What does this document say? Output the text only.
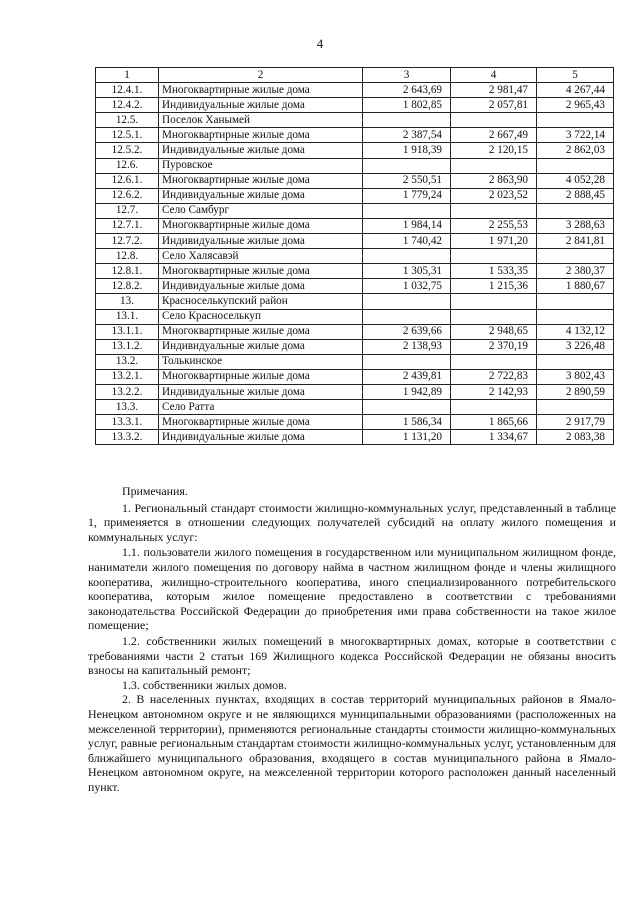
4
1	2	3	4	5
12.4.1.	Многоквартирные жилые дома	2 643,69	2 981,47	4 267,44
12.4.2.	Индивидуальные жилые дома	1 802,85	2 057,81	2 965,43
12.5.	Поселок Ханымей			
12.5.1.	Многоквартирные жилые дома	2 387,54	2 667,49	3 722,14
12.5.2.	Индивидуальные жилые дома	1 918,39	2 120,15	2 862,03
12.6.	Пуровское			
12.6.1.	Многоквартирные жилые дома	2 550,51	2 863,90	4 052,28
12.6.2.	Индивидуальные жилые дома	1 779,24	2 023,52	2 888,45
12.7.	Село Самбург			
12.7.1.	Многоквартирные жилые дома	1 984,14	2 255,53	3 288,63
12.7.2.	Индивидуальные жилые дома	1 740,42	1 971,20	2 841,81
12.8.	Село Халясавэй			
12.8.1.	Многоквартирные жилые дома	1 305,31	1 533,35	2 380,37
12.8.2.	Индивидуальные жилые дома	1 032,75	1 215,36	1 880,67
13.	Красноселькупский район			
13.1.	Село Красноселькуп			
13.1.1.	Многоквартирные жилые дома	2 639,66	2 948,65	4 132,12
13.1.2.	Индивидуальные жилые дома	2 138,93	2 370,19	3 226,48
13.2.	Толькинское			
13.2.1.	Многоквартирные жилые дома	2 439,81	2 722,83	3 802,43
13.2.2.	Индивидуальные жилые дома	1 942,89	2 142,93	2 890,59
13.3.	Село Ратта			
13.3.1.	Многоквартирные жилые дома	1 586,34	1 865,66	2 917,79
13.3.2.	Индивидуальные жилые дома	1 131,20	1 334,67	2 083,38

Примечания.

1. Региональный стандарт стоимости жилищно-коммунальных услуг, представленный в таблице 1, применяется в отношении следующих получателей субсидий на оплату жилого помещения и коммунальных услуг:

1.1. пользователи жилого помещения в государственном или муниципальном жилищном фонде, наниматели жилого помещения по договору найма в частном жилищном фонде и члены жилищного кооператива, жилищно-строительного кооператива, иного специализированного потребительского кооператива, которым жилое помещение предоставлено в соответствии с требованиями законодательства Российской Федерации до приобретения ими права собственности на такое жилое помещение;

1.2. собственники жилых помещений в многоквартирных домах, которые в соответствии с требованиями части 2 статьи 169 Жилищного кодекса Российской Федерации не обязаны вносить взносы на капитальный ремонт;

1.3. собственники жилых домов.

2. В населенных пунктах, входящих в состав территорий муниципальных районов в Ямало-Ненецком автономном округе и не являющихся муниципальными образованиями (расположенных на межселенной территории), применяются региональные стандарты стоимости жилищно-коммунальных услуг, равные региональным стандартам стоимости жилищно-коммунальных услуг, установленным для ближайшего муниципального образования, входящего в состав муниципального района в Ямало-Ненецком автономном округе, на межселенной территории которого расположен данный населенный пункт.
